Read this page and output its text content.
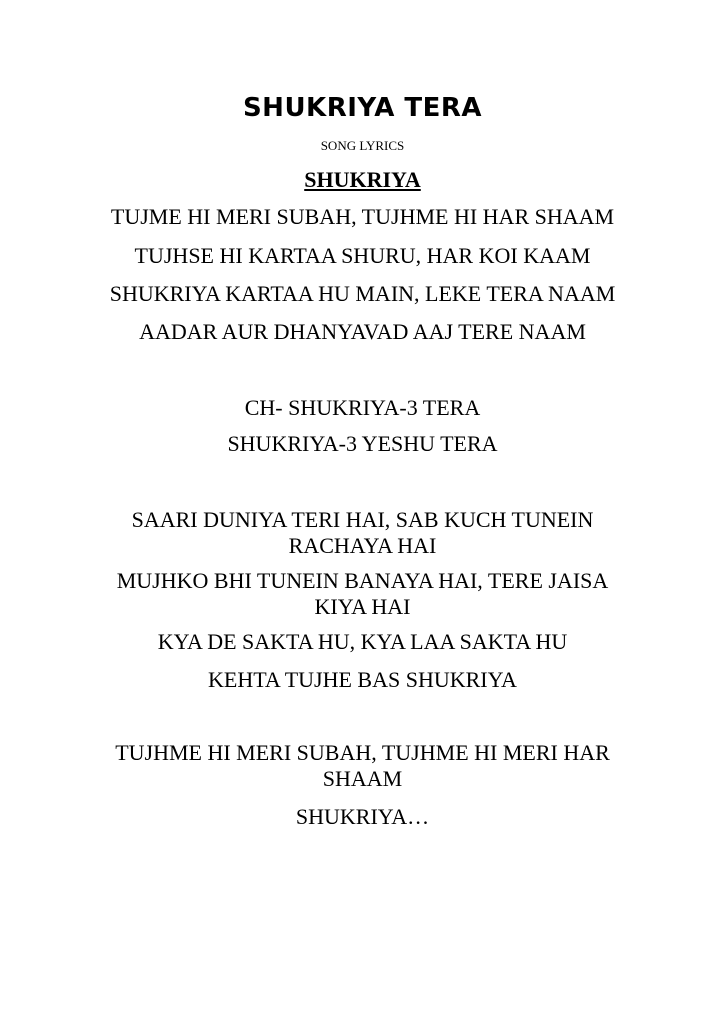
SHUKRIYA TERA
SONG LYRICS
SHUKRIYA
TUJME HI MERI SUBAH, TUJHME HI HAR SHAAM
TUJHSE HI KARTAA SHURU, HAR KOI KAAM
SHUKRIYA KARTAA HU MAIN, LEKE TERA NAAM
AADAR AUR DHANYAVAD AAJ TERE NAAM
CH- SHUKRIYA-3 TERA
SHUKRIYA-3 YESHU TERA
SAARI DUNIYA TERI HAI, SAB KUCH TUNEIN RACHAYA HAI
MUJHKO BHI TUNEIN BANAYA HAI, TERE JAISA KIYA HAI
KYA DE SAKTA HU, KYA LAA SAKTA HU
KEHTA TUJHE BAS SHUKRIYA
TUJHME HI MERI SUBAH, TUJHME HI MERI HAR SHAAM
SHUKRIYA…
